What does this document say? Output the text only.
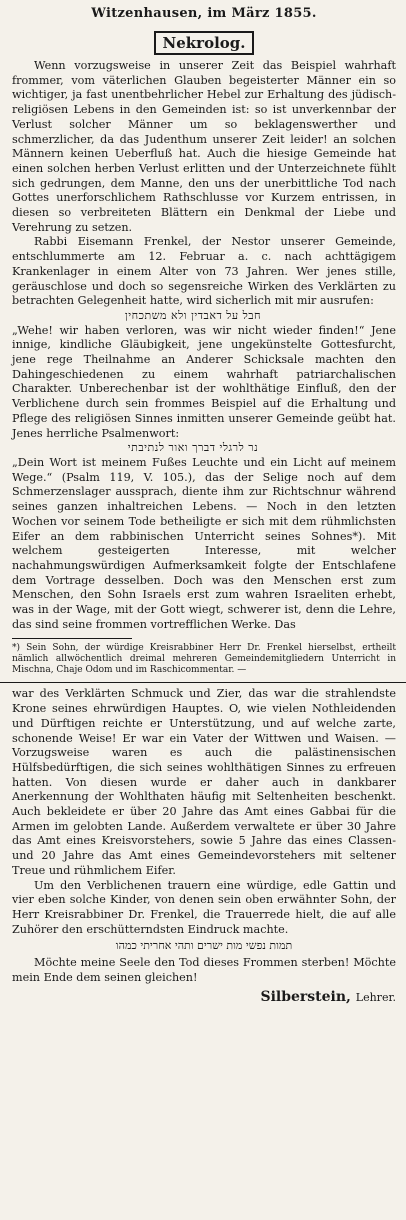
Witzenhausen, im März 1855.
Nekrolog.

Wenn vorzugsweise in unserer Zeit das Beispiel wahrhaft frommer, vom väterlichen Glauben begeisterter Männer ein so wichtiger, ja fast unentbehrlicher Hebel zur Erhaltung des jüdisch-religiösen Lebens in den Gemeinden ist: so ist unverkennbar der Verlust solcher Männer um so beklagenswerther und schmerzlicher, da das Judenthum unserer Zeit leider! an solchen Männern keinen Ueberfluß hat. Auch die hiesige Gemeinde hat einen solchen herben Verlust erlitten und der Unterzeichnete fühlt sich gedrungen, dem Manne, den uns der unerbittliche Tod nach Gottes unerforschlichem Rathschlusse vor Kurzem entrissen, in diesen so verbreiteten Blättern ein Denkmal der Liebe und Verehrung zu setzen.

Rabbi Eisemann Frenkel, der Nestor unserer Gemeinde, entschlummerte am 12. Februar a. c. nach achttägigem Krankenlager in einem Alter von 73 Jahren. Wer jenes stille, geräuschlose und doch so segensreiche Wirken des Verklärten zu betrachten Gelegenheit hatte, wird sicherlich mit mir ausrufen:
חבל על דאבדין ולא משתכחין
„Wehe! wir haben verloren, was wir nicht wieder finden!“ Jene innige, kindliche Gläubigkeit, jene ungekünstelte Gottesfurcht, jene rege Theilnahme an Anderer Schicksale machten den Dahingeschiedenen zu einem wahrhaft patriarchalischen Charakter. Unberechenbar ist der wohlthätige Einfluß, den der Verblichene durch sein frommes Beispiel auf die Erhaltung und Pflege des religiösen Sinnes inmitten unserer Gemeinde geübt hat. Jenes herrliche Psalmenwort:
נר לרגלי דברך ואור לנתיבתי
„Dein Wort ist meinem Fußes Leuchte und ein Licht auf meinem Wege.“ (Psalm 119, V. 105.), das der Selige noch auf dem Schmerzenslager aussprach, dientе ihm zur Richtschnur während seines ganzen inhaltreichen Lebens. — Noch in den letzten Wochen vor seinem Tode betheiligte er sich mit dem rühmlichsten Eifer an dem rabbinischen Unterricht seines Sohnes*). Mit welchem gesteigerten Interesse, mit welcher nachahmungswürdigen Aufmerksamkeit folgte der Entschlafene dem Vortrage desselben. Doch was den Menschen erst zum Menschen, den Sohn Israels erst zum wahren Israeliten erhebt, was in der Wage, mit der Gott wiegt, schwerer ist, denn die Lehre, das sind seine frommen vortrefflichen Werke. Das

*) Sein Sohn, der würdige Kreisrabbiner Herr Dr. Frenkel hierselbst, ertheilt nämlich allwöchentlich dreimal mehreren Gemeindemitgliedern Unterricht in Mischna, Chaje Odom und im Raschicommentar. —

war des Verklärten Schmuck und Zier, das war die strahlendste Krone seines ehrwürdigen Hauptes. O, wie vielen Nothleidenden und Dürftigen reichte er Unterstützung, und auf welche zarte, schonende Weise! Er war ein Vater der Wittwen und Waisen. — Vorzugsweise waren es auch die palästinensischen Hülfsbedürftigen, die sich seines wohlthätigen Sinnes zu erfreuen hatten. Von diesen wurde er daher auch in dankbarer Anerkennung der Wohlthaten häufig mit Seltenheiten beschenkt. Auch bekleidete er über 20 Jahre das Amt eines Gabbai für die Armen im gelobten Lande. Außerdem verwaltete er über 30 Jahre das Amt eines Kreisvorstehers, sowie 5 Jahre das eines Classen- und 20 Jahre das Amt eines Gemeindevorstehers mit seltener Treue und rühmlichem Eifer.

Um den Verblichenen trauern eine würdige, edle Gattin und vier eben solche Kinder, von denen sein oben erwähnter Sohn, der Herr Kreisrabbiner Dr. Frenkel, die Trauerrede hielt, die auf alle Zuhörer den erschütterndsten Eindruck machte.

תמות נפשי מות ישרים ותהי אחריתי כמהו

Möchte meine Seele den Tod dieses Frommen sterben! Möchte mein Ende dem seinen gleichen!

Silberstein, Lehrer.
